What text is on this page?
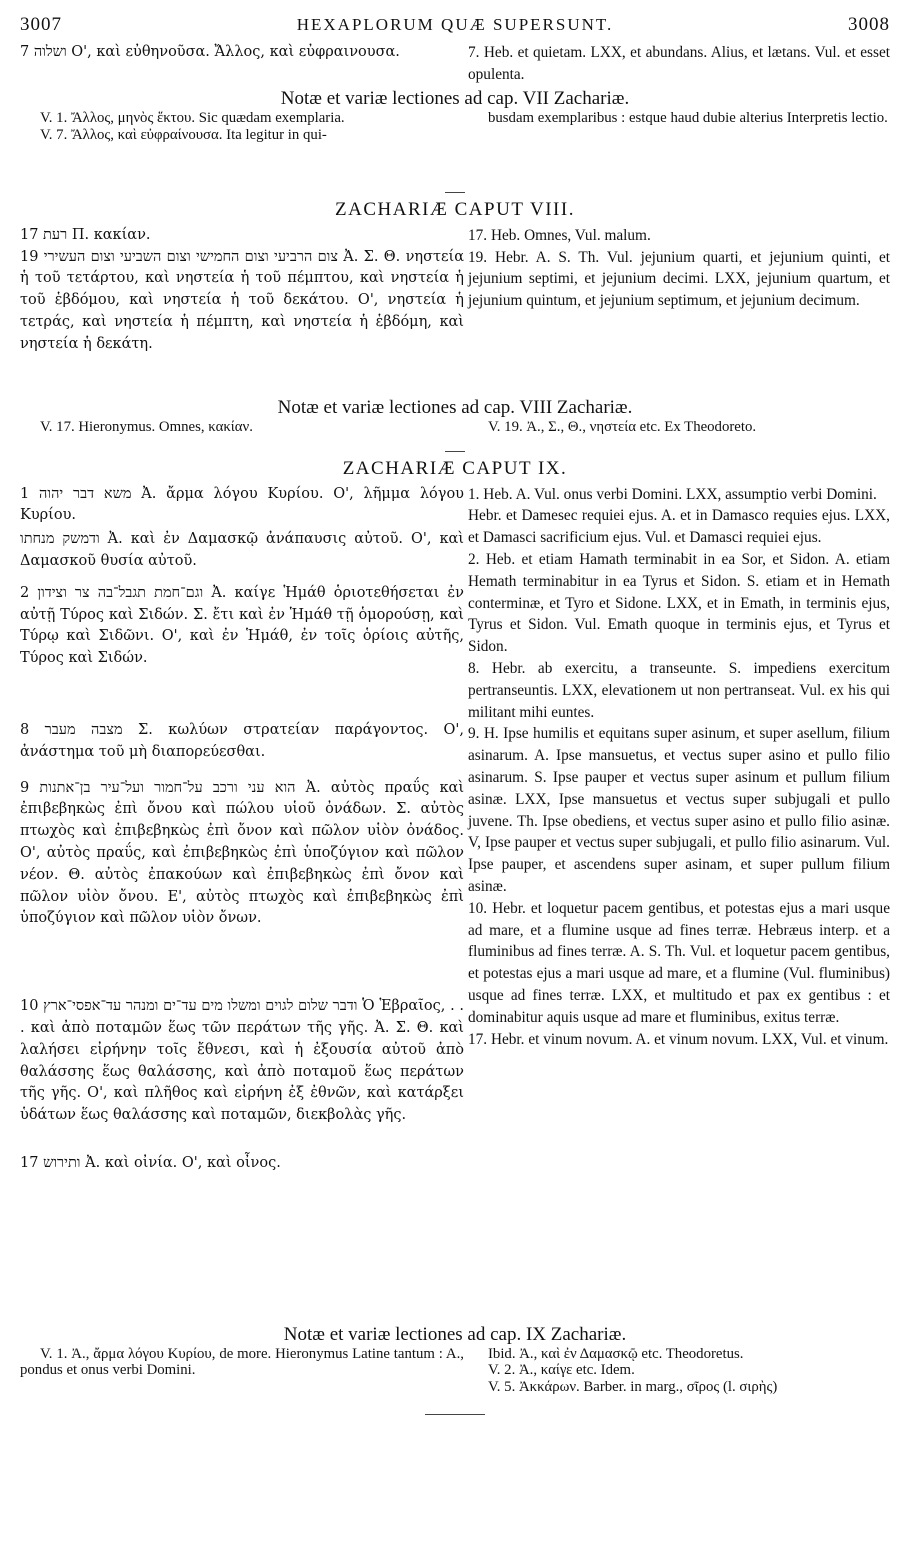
3007	HEXAPLORUM QUÆ SUPERSUNT.	3008

ושלוה 7 O', καὶ εὐθηνοῦσα. Ἄλλος, καὶ εὐφραινουσα.	7. Heb. et quietam. LXX, et abundans. Alius, et lætans. Vul. et esset opulenta.

Notæ et variæ lectiones ad cap. VII Zachariæ.

V. 1. Ἄλλος, μηνὸς ἕκτου. Sic quædam exemplaria.

V. 7. Ἄλλος, καὶ εὐφραίνουσα. Ita legitur in qui-

busdam exemplaribus : estque haud dubie alterius Interpretis lectio.

ZACHARIÆ CAPUT VIII.

רעת 17 Π. κακίαν.

19 צום הרביעי וצום החמישי וצום השביעי וצום העשירי Ἀ. Σ. Θ. νηστεία ἡ τοῦ τετάρτου, καὶ νηστεία ἡ τοῦ πέμπτου, καὶ νηστεία ἡ τοῦ ἑβδόμου, καὶ νηστεία ἡ τοῦ δεκάτου. O', νηστεία ἡ τετράς, καὶ νηστεία ἡ πέμπτη, καὶ νηστεία ἡ ἑβδόμη, καὶ νηστεία ἡ δεκάτη.

17. Heb. Omnes, Vul. malum.

19. Hebr. A. S. Th. Vul. jejunium quarti, et jejunium quinti, et jejunium septimi, et jejunium decimi. LXX, jejunium quartum, et jejunium quintum, et jejunium septimum, et jejunium decimum.

Notæ et variæ lectiones ad cap. VIII Zachariæ.

V. 17. Hieronymus. Omnes, κακίαν.	V. 19. Ἀ., Σ., Θ., νηστεία etc. Ex Theodoreto.

ZACHARIÆ CAPUT IX.

1 משא דבר יהוה Ἀ. ἄρμα λόγου Κυρίου. O', λῆμμα λόγου Κυρίου.

ודמשק מנחתו Ἀ. καὶ ἐν Δαμασκῷ ἀνάπαυσις αὐτοῦ. O', καὶ Δαμασκοῦ θυσία αὐτοῦ.

2 וגם־חמת תגבל־בה צר וצידון Ἀ. καίγε Ἡμάθ ὁριοτεθήσεται ἐν αὐτῇ Τύρος καὶ Σιδών. Σ. ἔτι καὶ ἐν Ἡμάθ τῇ ὁμορούσῃ, καὶ Τύρῳ καὶ Σιδῶνι. O', καὶ ἐν Ἡμάθ, ἐν τοῖς ὁρίοις αὐτῆς, Τύρος καὶ Σιδών.

8 מצבה מעבר Σ. κωλύων στρατείαν παράγοντος. O', ἀνάστημα τοῦ μὴ διαπορεύεσθαι.

9 הוא עני ורכב על־חמור ועל־עיר בן־אתנות Ἀ. αὐτὸς πραΰς καὶ ἐπιβεβηκὼς ἐπὶ ὄνου καὶ πώλου υἱοῦ ὀνάδων. Σ. αὐτὸς πτωχὸς καὶ ἐπιβεβηκὼς ἐπὶ ὄνον καὶ πῶλον υἱὸν ὀνάδος. O', αὐτὸς πραΰς, καὶ ἐπιβεβηκὼς ἐπὶ ὑποζύγιον καὶ πῶλον νέον. Θ. αὐτὸς ἐπακούων καὶ ἐπιβεβηκὼς ἐπὶ ὄνον καὶ πῶλον υἱὸν ὄνου. Ε', αὐτὸς πτωχὸς καὶ ἐπιβεβηκὼς ἐπὶ ὑποζύγιον καὶ πῶλον υἱὸν ὄνων.

10 ודבר שלום לגוים ומשלו מים עד־ים ומנהר עד־אפסי־ארץ Ὁ Ἑβραῖος, . . . καὶ ἀπὸ ποταμῶν ἕως τῶν περάτων τῆς γῆς. Ἀ. Σ. Θ. καὶ λαλήσει εἰρήνην τοῖς ἔθνεσι, καὶ ἡ ἐξουσία αὐτοῦ ἀπὸ θαλάσσης ἕως θαλάσσης, καὶ ἀπὸ ποταμοῦ ἕως περάτων τῆς γῆς. O', καὶ πλῆθος καὶ εἰρήνη ἐξ ἐθνῶν, καὶ κατάρξει ὑδάτων ἕως θαλάσσης καὶ ποταμῶν, διεκβολὰς γῆς.

17 ותירוש Ἀ. καὶ οἰνία. O', καὶ οἶνος.

1. Heb. A. Vul. onus verbi Domini. LXX, assumptio verbi Domini.

Hebr. et Damesec requiei ejus. A. et in Damasco requies ejus. LXX, et Damasci sacrificium ejus. Vul. et Damasci requiei ejus.

2. Heb. et etiam Hamath terminabit in ea Sor, et Sidon. A. etiam Hemath terminabitur in ea Tyrus et Sidon. S. etiam et in Hemath conterminæ, et Tyro et Sidone. LXX, et in Emath, in terminis ejus, Tyrus et Sidon. Vul. Emath quoque in terminis ejus, et Tyrus et Sidon.

8. Hebr. ab exercitu, a transeunte. S. impediens exercitum pertranseuntis. LXX, elevationem ut non pertranseat. Vul. ex his qui militant mihi euntes.

9. H. Ipse humilis et equitans super asinum, et super asellum, filium asinarum. A. Ipse mansuetus, et vectus super asino et pullo filio asinarum. S. Ipse pauper et vectus super asinum et pullum filium asinæ. LXX, Ipse mansuetus et vectus super subjugali et pullo juvene. Th. Ipse obediens, et vectus super asino et pullo filio asinæ. V, Ipse pauper et vectus super subjugali, et pullo filio asinarum. Vul. Ipse pauper, et ascendens super asinam, et super pullum filium asinæ.

10. Hebr. et loquetur pacem gentibus, et potestas ejus a mari usque ad mare, et a flumine usque ad fines terræ. Hebræus interp. et a fluminibus ad fines terræ. A. S. Th. Vul. et loquetur pacem gentibus, et potestas ejus a mari usque ad mare, et a flumine (Vul. fluminibus) usque ad fines terræ. LXX, et multitudo et pax ex gentibus : et dominabitur aquis usque ad mare et fluminibus, exitus terræ.

17. Hebr. et vinum novum. A. et vinum novum. LXX, Vul. et vinum.

Notæ et variæ lectiones ad cap. IX Zachariæ.

V. 1. Ἀ., ἄρμα λόγου Κυρίου, de more. Hieronymus Latine tantum : A., pondus et onus verbi Domini.

Ibid. Ἀ., καὶ ἐν Δαμασκῷ etc. Theodoretus.

V. 2. Ἀ., καίγε etc. Idem.

V. 5. Ἀκκάρων. Barber. in marg., σῖρος (l. σιρὴς)
